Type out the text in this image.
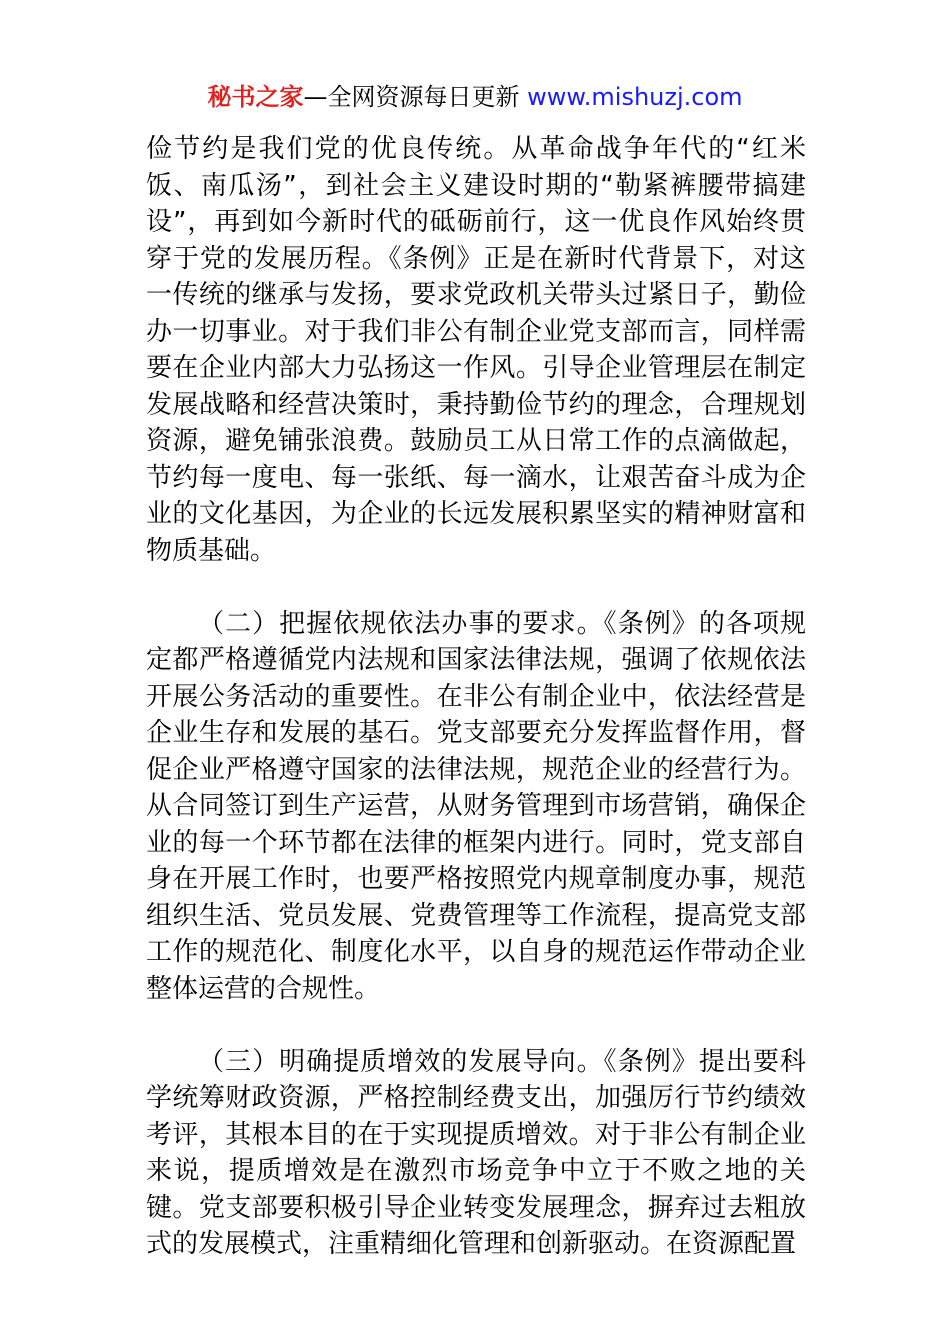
秘书之家—全网资源每日更新 www.mishuzj.com

俭节约是我们党的优良传统。从革命战争年代的“红米饭、南瓜汤”，到社会主义建设时期的“勒紧裤腰带搞建设”，再到如今新时代的砥砺前行，这一优良作风始终贯穿于党的发展历程。《条例》正是在新时代背景下，对这一传统的继承与发扬，要求党政机关带头过紧日子，勤俭办一切事业。对于我们非公有制企业党支部而言，同样需要在企业内部大力弘扬这一作风。引导企业管理层在制定发展战略和经营决策时，秉持勤俭节约的理念，合理规划资源，避免铺张浪费。鼓励员工从日常工作的点滴做起，节约每一度电、每一张纸、每一滴水，让艰苦奋斗成为企业的文化基因，为企业的长远发展积累坚实的精神财富和物质基础。

（二）把握依规依法办事的要求。《条例》的各项规定都严格遵循党内法规和国家法律法规，强调了依规依法开展公务活动的重要性。在非公有制企业中，依法经营是企业生存和发展的基石。党支部要充分发挥监督作用，督促企业严格遵守国家的法律法规，规范企业的经营行为。从合同签订到生产运营，从财务管理到市场营销，确保企业的每一个环节都在法律的框架内进行。同时，党支部自身在开展工作时，也要严格按照党内规章制度办事，规范组织生活、党员发展、党费管理等工作流程，提高党支部工作的规范化、制度化水平，以自身的规范运作带动企业整体运营的合规性。

（三）明确提质增效的发展导向。《条例》提出要科学统筹财政资源，严格控制经费支出，加强厉行节约绩效考评，其根本目的在于实现提质增效。对于非公有制企业来说，提质增效是在激烈市场竞争中立于不败之地的关键。党支部要积极引导企业转变发展理念，摒弃过去粗放式的发展模式，注重精细化管理和创新驱动。在资源配置
